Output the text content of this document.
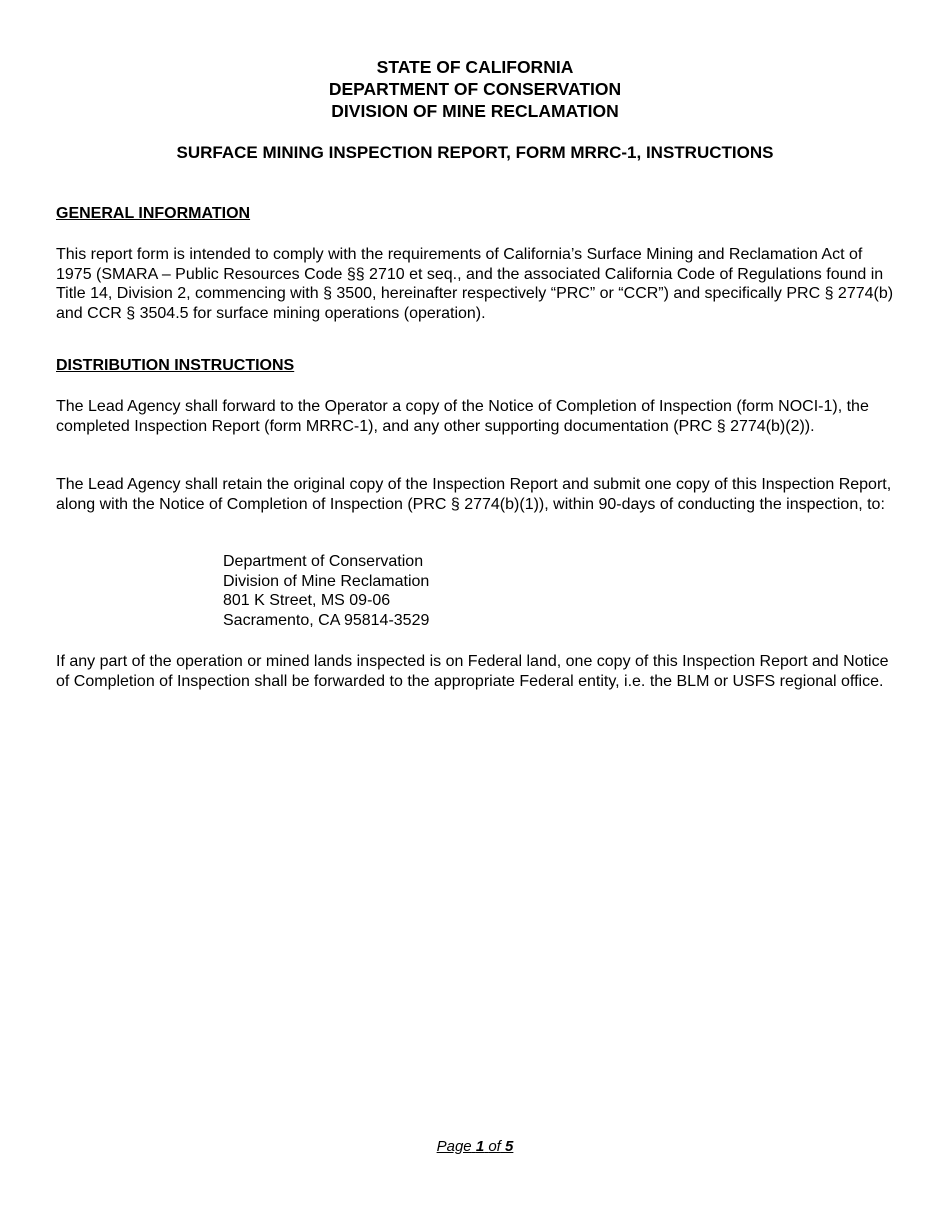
STATE OF CALIFORNIA
DEPARTMENT OF CONSERVATION
DIVISION OF MINE RECLAMATION
SURFACE MINING INSPECTION REPORT, FORM MRRC-1, INSTRUCTIONS
GENERAL INFORMATION
This report form is intended to comply with the requirements of California’s Surface Mining and Reclamation Act of 1975 (SMARA – Public Resources Code §§ 2710 et seq., and the associated California Code of Regulations found in Title 14, Division 2, commencing with § 3500, hereinafter respectively “PRC” or “CCR”) and specifically PRC § 2774(b) and CCR § 3504.5 for surface mining operations (operation).
DISTRIBUTION INSTRUCTIONS
The Lead Agency shall forward to the Operator a copy of the Notice of Completion of Inspection (form NOCI-1), the completed Inspection Report (form MRRC-1), and any other supporting documentation (PRC § 2774(b)(2)).
The Lead Agency shall retain the original copy of the Inspection Report and submit one copy of this Inspection Report, along with the Notice of Completion of Inspection (PRC § 2774(b)(1)), within 90-days of conducting the inspection, to:
Department of Conservation
Division of Mine Reclamation
801 K Street, MS 09-06
Sacramento, CA 95814-3529
If any part of the operation or mined lands inspected is on Federal land, one copy of this Inspection Report and Notice of Completion of Inspection shall be forwarded to the appropriate Federal entity, i.e. the BLM or USFS regional office.
Page 1 of 5
